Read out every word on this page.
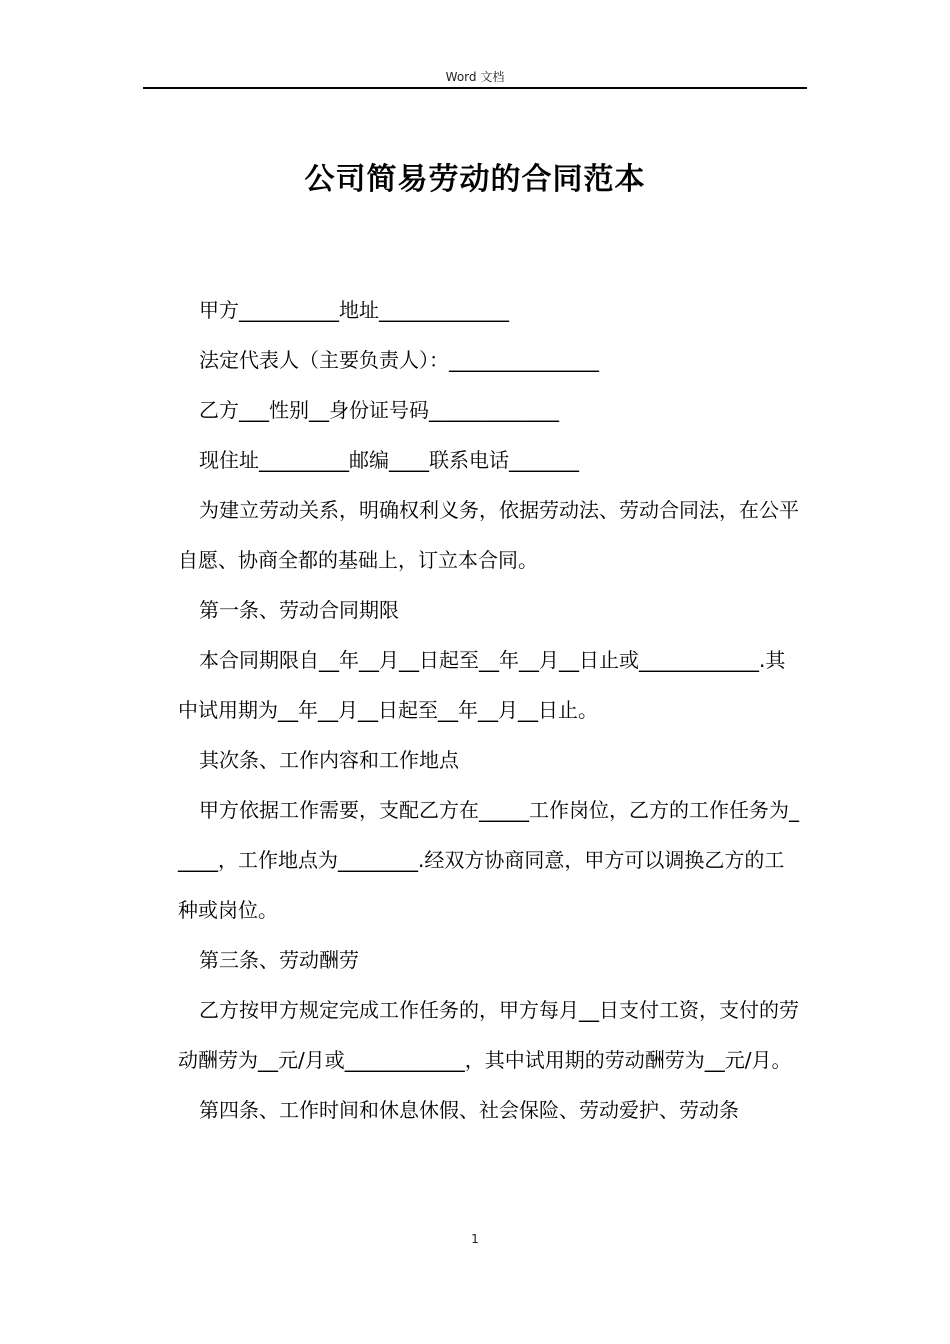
Word 文档
公司简易劳动的合同范本

甲方__________地址_____________

法定代表人（主要负责人）：_______________

乙方___性别__身份证号码_____________

现住址_________邮编____联系电话_______

为建立劳动关系，明确权利义务，依据劳动法、劳动合同法，在公平自愿、协商全都的基础上，订立本合同。

第一条、劳动合同期限

本合同期限自__年__月__日起至__年__月__日止或____________.其中试用期为__年__月__日起至__年__月__日止。

其次条、工作内容和工作地点

甲方依据工作需要，支配乙方在_____工作岗位，乙方的工作任务为_____，工作地点为________.经双方协商同意，甲方可以调换乙方的工种或岗位。

第三条、劳动酬劳

乙方按甲方规定完成工作任务的，甲方每月__日支付工资，支付的劳动酬劳为__元/月或____________，其中试用期的劳动酬劳为__元/月。

第四条、工作时间和休息休假、社会保险、劳动爱护、劳动条

1
